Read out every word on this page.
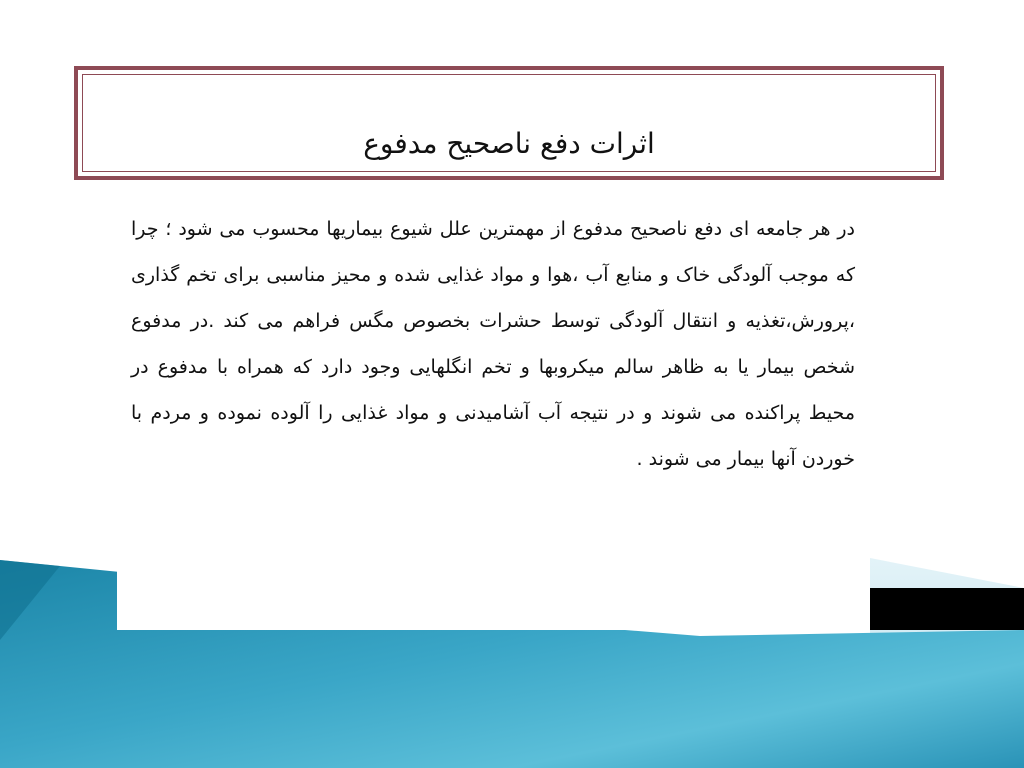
در هر جامعه ای دفع ناصحیح مدفوع از مهمترین علل شیوع بیماریها محسوب می شود ؛ چرا که موجب آلودگی خاک و منابع آب ،هوا و مواد غذایی شده و محیز مناسبی برای تخم گذاری ،پرورش،تغذیه و انتقال آلودگی توسط حشرات بخصوص مگس فراهم می کند .در مدفوع شخص بیمار یا به ظاهر سالم میکروبها و تخم انگلهایی وجود دارد که همراه با مدفوع در محیط پراکنده می شوند و در نتیجه آب آشامیدنی و مواد غذایی را آلوده نموده و مردم با خوردن آنها بیمار می شوند .

اثرات دفع ناصحیح مدفوع
